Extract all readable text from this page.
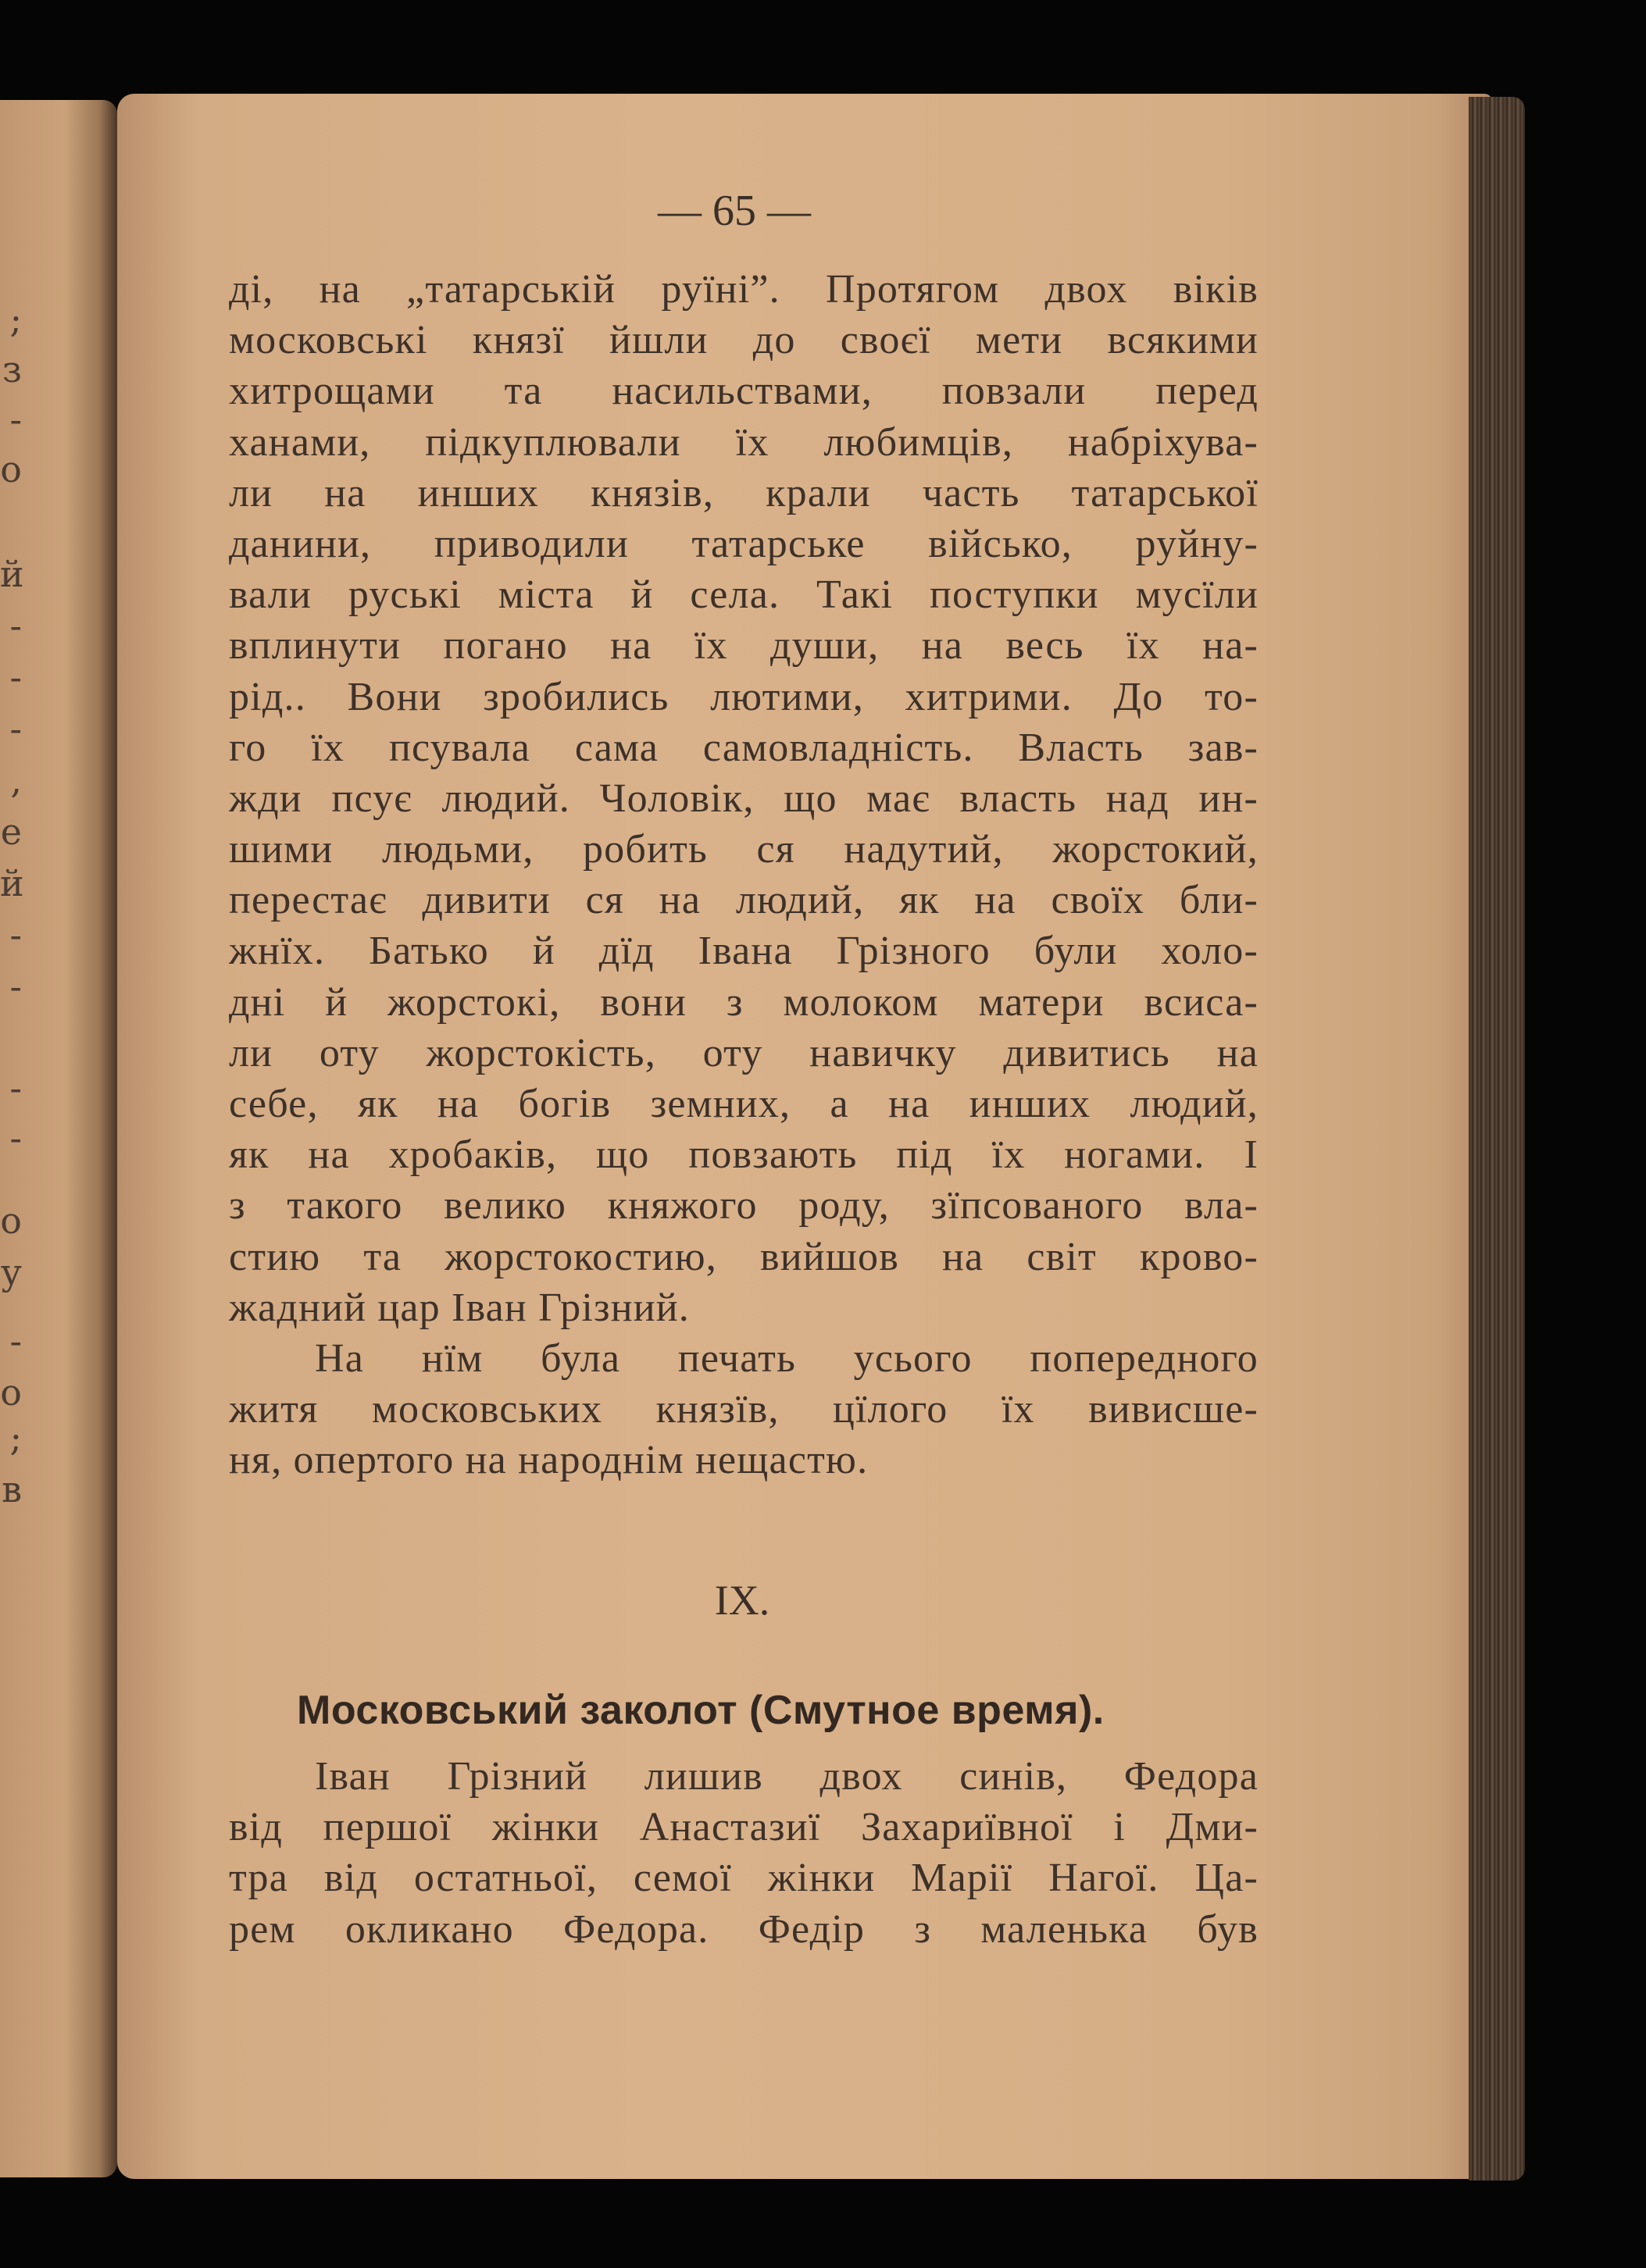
;
з
-
о
й
-
-
-
,
е
й
-
-
-
-
о
у
-
о
;
в
— 65 —
ді, на „татарській руїні”. Протягом двох віків
московські князї йшли до своєї мети всякими
хитрощами та насильствами, повзали перед
ханами, підкуплювали їх любимців, набріхува-
ли на инших князів, крали часть татарської
данини, приводили татарське військо, руйну-
вали руські міста й села. Такі поступки мусїли
вплинути погано на їх души, на весь їх на-
рід.. Вони зробились лютими, хитрими. До то-
го їх псувала сама самовладність. Власть зав-
жди псує людий. Чоловік, що має власть над ин-
шими людьми, робить ся надутий, жорстокий,
перестає дивити ся на людий, як на своїх бли-
жнїх. Батько й дїд Івана Грізного були холо-
дні й жорстокі, вони з молоком матери всиса-
ли оту жорстокість, оту навичку дивитись на
себе, як на богів земних, а на инших людий,
як на хробаків, що повзають під їх ногами. І
з такого велико княжого роду, зїпсованого вла-
стию та жорстокостию, вийшов на світ крово-
жадний цар Іван Грізний.
На нїм була печать усього попередного
житя московських князїв, цїлого їх вивисше-
ня, опертого на народнім нещастю.
IX.
Московський заколот (Смутное время).
Іван Грізний лишив двох синів, Федора
від першої жінки Анастазиї Захариївної і Дми-
тра від остатньої, семої жінки Марії Нагої. Ца-
рем окликано Федора. Федір з маленька був
